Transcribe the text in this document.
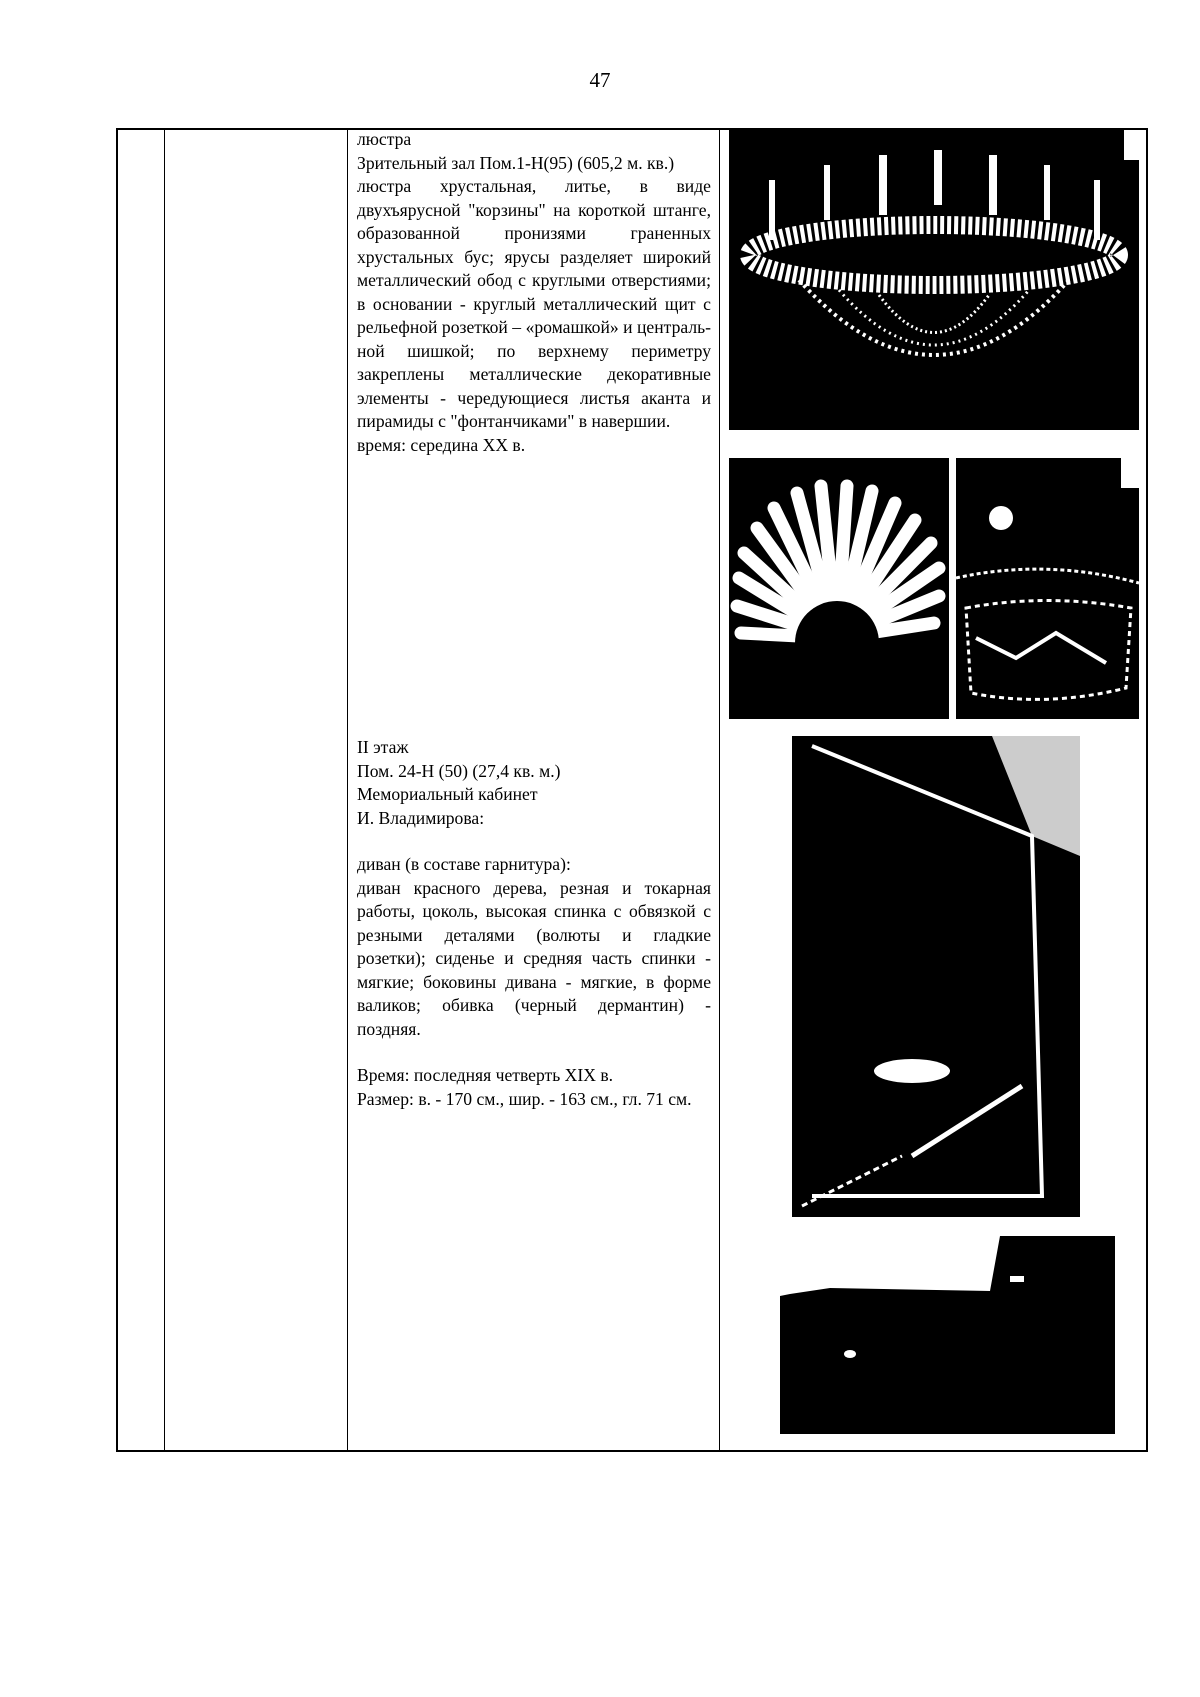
47

люстра

Зрительный зал Пом.1-Н(95) (605,2 м. кв.)

люстра хрустальная, литье, в виде двухъярусной "корзины" на короткой штанге, образованной пронизями граненных хрустальных бус; ярусы разделяет широкий металлический обод с круглыми отверстиями; в основании - круглый металлический щит с рельефной розеткой – «ромашкой» и централь-ной шишкой; по верхнему периметру закреплены металлические декоративные элементы - чередующиеся листья аканта и пирамиды с "фонтанчиками" в навершии.

время: середина XX в.

II этаж

Пом. 24-Н (50) (27,4 кв. м.)

Мемориальный кабинет

И. Владимирова:

диван (в составе гарнитура):

диван красного дерева, резная и токарная работы, цоколь, высокая спинка с обвязкой с резными деталями (волюты и гладкие розетки); сиденье и средняя часть спинки - мягкие; боковины дивана - мягкие, в форме валиков; обивка (черный дермантин) - поздняя.

Время: последняя четверть XIX в.

Размер: в. - 170 см., шир. - 163 см., гл. 71 см.
